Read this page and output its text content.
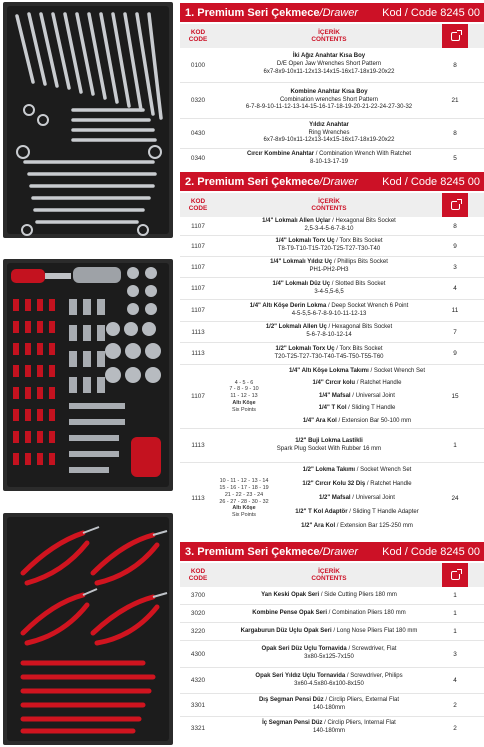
1. Premium Seri Çekmece/Drawer Kod / Code 8245 00
KOD
CODE
İÇERİK
CONTENTS
0100
İki Ağız Anahtar Kısa Boy
D/E Open Jaw Wrenches Short Pattern
6x7-8x9-10x11-12x13-14x15-16x17-18x19-20x22
8
0320
Kombine Anahtar Kısa Boy
Combination wrenches Short Pattern
6-7-8-9-10-11-12-13-14-15-16-17-18-19-20-21-22-24-27-30-32
21
0430
Yıldız Anahtar
Ring Wrenches
6x7-8x9-10x11-12x13-14x15-16x17-18x19-20x22
8
0340
Cırcır Kombine Anahtar / Combination Wrench With Ratchet
8-10-13-17-19	5
2. Premium Seri Çekmece/Drawer Kod / Code 8245 00
KOD
CODE
İÇERİK
CONTENTS
1107
1/4" Lokmalı Allen Uçlar / Hexagonal Bits Socket
2,5-3-4-5-6-7-8-10	8
1107
1/4" Lokmalı Torx Uç / Torx Bits Socket
T8-T9-T10-T15-T20-T25-T27-T30-T40	9
1107
1/4" Lokmalı Yıldız Uç / Phillips Bits Socket
PH1-PH2-PH3	3
1107
1/4" Lokmalı Düz Uç / Slotted Bits Socket
3-4-5,5-6,5	4
1107
1/4" Altı Köşe Derin Lokma / Deep Socket Wrench 6 Point
4-5-5,5-6-7-8-9-10-11-12-13	11
1113
1/2" Lokmalı Allen Uç / Hexagonal Bits Socket
5-6-7-8-10-12-14	7
1113
1/2" Lokmalı Torx Uç / Torx Bits Socket
T20-T25-T27-T30-T40-T45-T50-T55-T60	9
1107
4 - 5 - 6
7 - 8 - 9 - 10
11 - 12 - 13
Altı Köşe
Six Points
1/4" Altı Köşe Lokma Takımı / Socket Wrench Set
1/4" Cırcır kolu / Ratchet Handle
1/4" Mafsal / Universal Joint
1/4" T Kol / Sliding T Handle
1/4" Ara Kol / Extension Bar 50-100 mm
15
1113
1/2" Buji Lokma Lastikli
Spark Plug Socket With Rubber 16 mm	1
1113
10 - 11 - 12 - 13 - 14
15 - 16 - 17 - 18 - 19
21 - 22 - 23 - 24
26 - 27 - 28 - 30 - 32
Altı Köşe
Six Points
1/2" Lokma Takımı / Socket Wrench Set
1/2" Cırcır Kolu 32 Diş / Ratchet Handle
1/2" Mafsal / Universal Joint
1/2" T Kol Adaptör / Sliding T Handle Adapter
1/2" Ara Kol / Extension Bar 125-250 mm
24
3. Premium Seri Çekmece/Drawer Kod / Code 8245 00
KOD
CODE
İÇERİK
CONTENTS
3700	Yan Keski Opak Seri / Side Cutting Pliers 180 mm	1
3020	Kombine Pense Opak Seri / Combination Pliers 180 mm	1
3220	Kargaburun Düz Uçlu Opak Seri / Long Nose Pliers Flat 180 mm	1
4300
Opak Seri Düz Uçlu Tornavida / Screwdriver, Flat
3x80-5x125-7x150	3
4320
Opak Seri Yıldız Uçlu Tornavida / Screwdriver, Philips
3x60-4.5x80-6x100-8x150	4
3301
Dış Segman Pensi Düz / Circlip Pliers, External Flat
140-180mm	2
3321
İç Segman Pensi Düz / Circlip Pliers, Internal Flat
140-180mm	2
